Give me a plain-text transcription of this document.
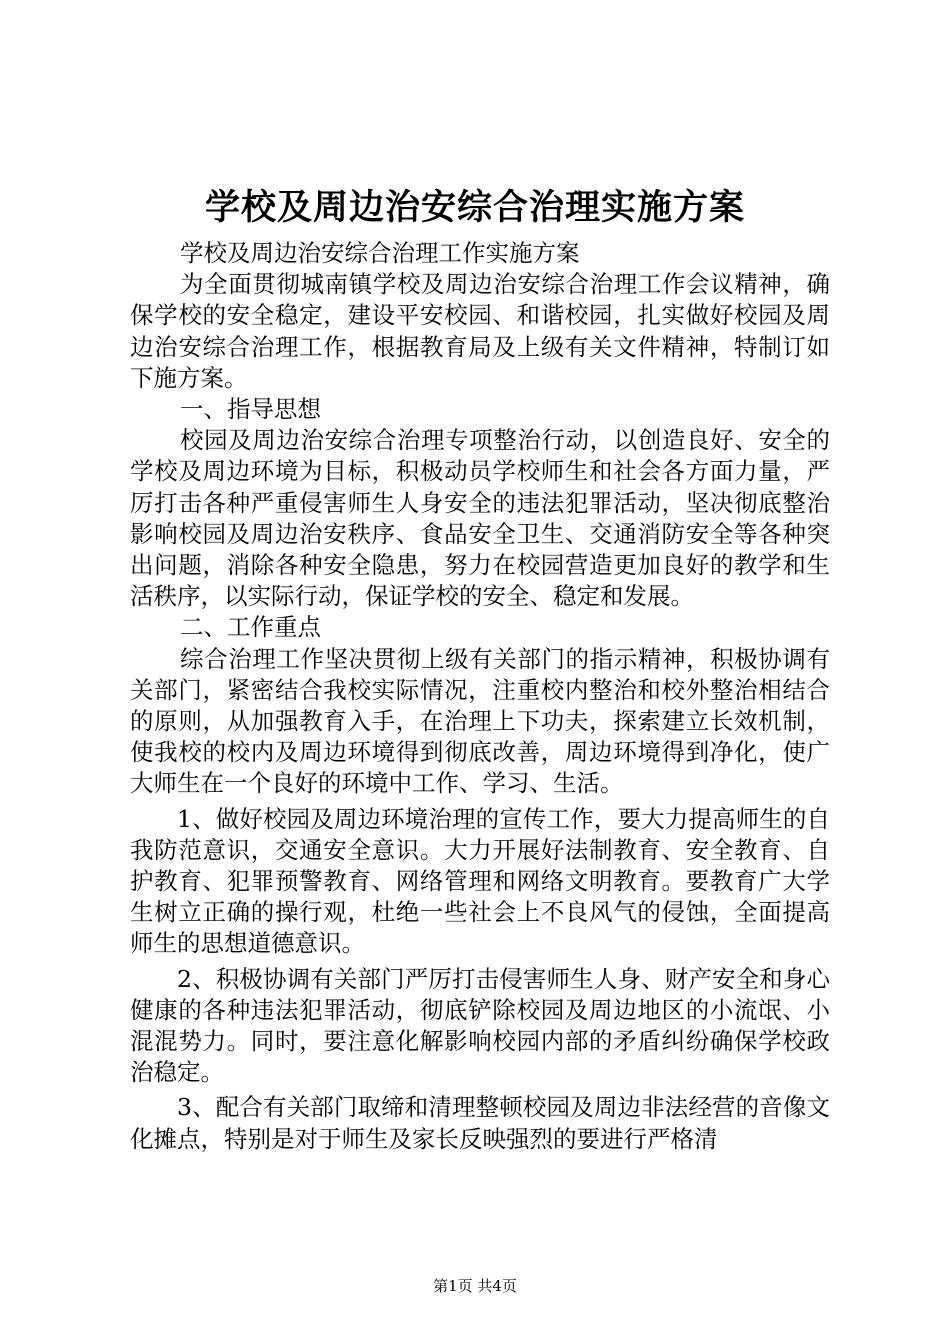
学校及周边治安综合治理实施方案

学校及周边治安综合治理工作实施方案

为全面贯彻城南镇学校及周边治安综合治理工作会议精神，确保学校的安全稳定，建设平安校园、和谐校园，扎实做好校园及周边治安综合治理工作，根据教育局及上级有关文件精神，特制订如下施方案。

一、指导思想

校园及周边治安综合治理专项整治行动，以创造良好、安全的学校及周边环境为目标，积极动员学校师生和社会各方面力量，严厉打击各种严重侵害师生人身安全的违法犯罪活动，坚决彻底整治影响校园及周边治安秩序、食品安全卫生、交通消防安全等各种突出问题，消除各种安全隐患，努力在校园营造更加良好的教学和生活秩序，以实际行动，保证学校的安全、稳定和发展。

二、工作重点

综合治理工作坚决贯彻上级有关部门的指示精神，积极协调有关部门，紧密结合我校实际情况，注重校内整治和校外整治相结合的原则，从加强教育入手，在治理上下功夫，探索建立长效机制，使我校的校内及周边环境得到彻底改善，周边环境得到净化，使广大师生在一个良好的环境中工作、学习、生活。

1、做好校园及周边环境治理的宣传工作，要大力提高师生的自我防范意识，交通安全意识。大力开展好法制教育、安全教育、自护教育、犯罪预警教育、网络管理和网络文明教育。要教育广大学生树立正确的操行观，杜绝一些社会上不良风气的侵蚀，全面提高师生的思想道德意识。

2、积极协调有关部门严厉打击侵害师生人身、财产安全和身心健康的各种违法犯罪活动，彻底铲除校园及周边地区的小流氓、小混混势力。同时，要注意化解影响校园内部的矛盾纠纷确保学校政治稳定。

3、配合有关部门取缔和清理整顿校园及周边非法经营的音像文化摊点，特别是对于师生及家长反映强烈的要进行严格清

第1页 共4页
